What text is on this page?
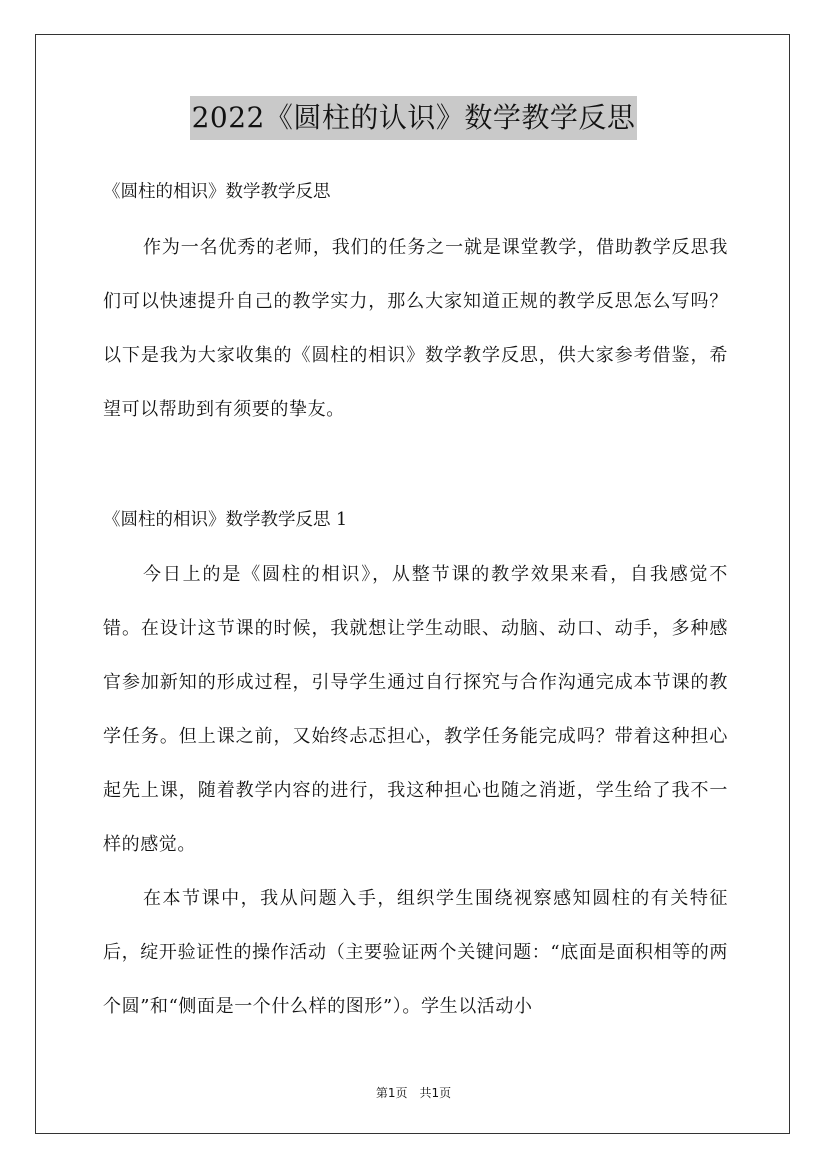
2022《圆柱的认识》数学教学反思

《圆柱的相识》数学教学反思

作为一名优秀的老师，我们的任务之一就是课堂教学，借助教学反思我们可以快速提升自己的教学实力，那么大家知道正规的教学反思怎么写吗？以下是我为大家收集的《圆柱的相识》数学教学反思，供大家参考借鉴，希望可以帮助到有须要的挚友。

《圆柱的相识》数学教学反思 1

今日上的是《圆柱的相识》，从整节课的教学效果来看，自我感觉不错。在设计这节课的时候，我就想让学生动眼、动脑、动口、动手，多种感官参加新知的形成过程，引导学生通过自行探究与合作沟通完成本节课的教学任务。但上课之前，又始终忐忑担心，教学任务能完成吗？带着这种担心起先上课，随着教学内容的进行，我这种担心也随之消逝，学生给了我不一样的感觉。

在本节课中，我从问题入手，组织学生围绕视察感知圆柱的有关特征后，绽开验证性的操作活动（主要验证两个关键问题：“底面是面积相等的两个圆”和“侧面是一个什么样的图形”）。学生以活动小

第1页　共1页
